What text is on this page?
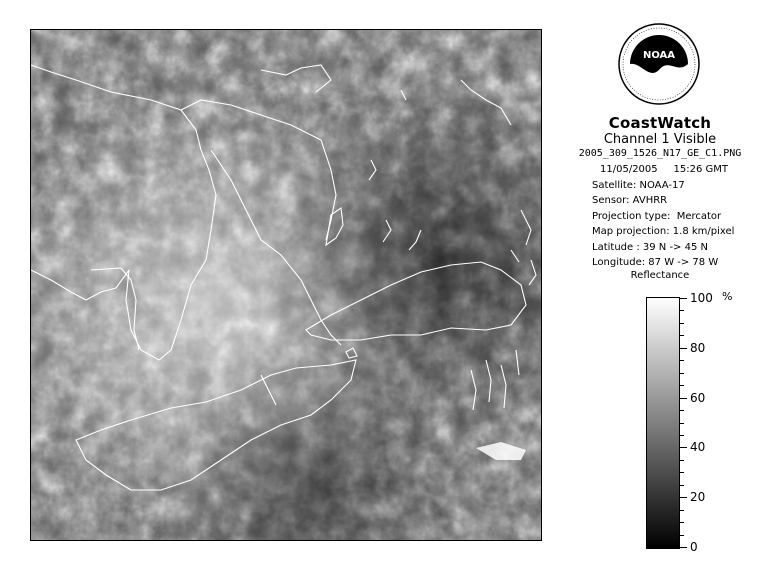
NOAA
CoastWatch
Channel 1 Visible
2005_309_1526_N17_GE_C1.PNG
11/05/2005     15:26 GMT
Satellite: NOAA-17
Sensor: AVHRR
Projection type:  Mercator
Map projection: 1.8 km/pixel
Latitude : 39 N -> 45 N
Longitude: 87 W -> 78 W
Reflectance
%
100
80
60
40
20
0
